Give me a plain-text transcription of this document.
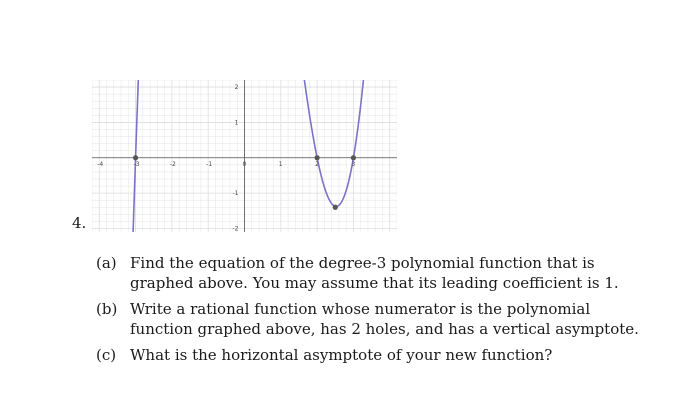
4.
-4	-3	-2	-1	0	1	2	3
2
1
-1
-2
(a) Find the equation of the degree-3 polynomial function that is graphed above. You may assume that its leading coefficient is 1.
(b) Write a rational function whose numerator is the polynomial function graphed above, has 2 holes, and has a vertical asymptote.
(c) What is the horizontal asymptote of your new function?
